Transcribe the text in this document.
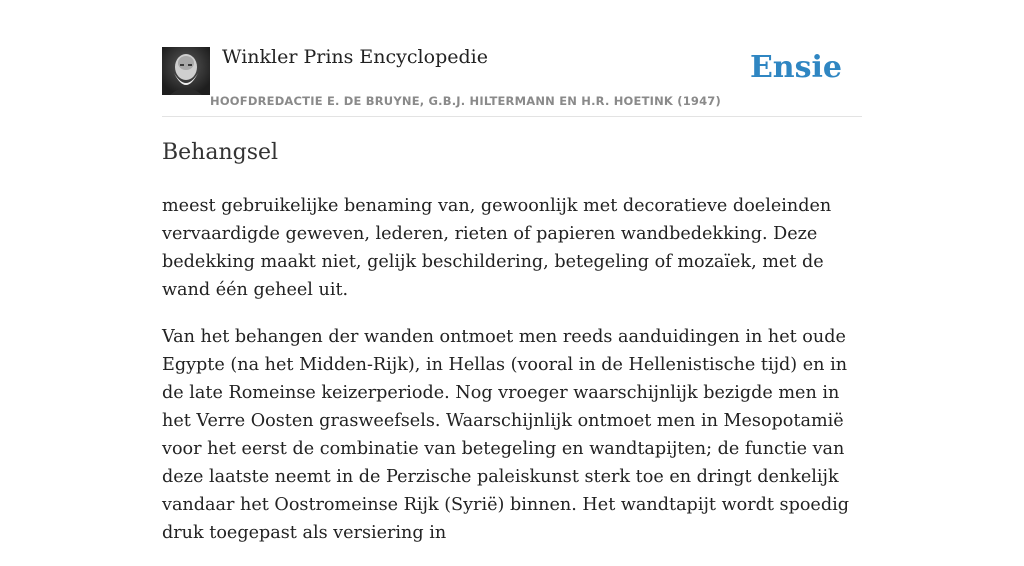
Winkler Prins Encyclopedie
HOOFDREDACTIE E. DE BRUYNE, G.B.J. HILTERMANN EN H.R. HOETINK (1947)
Ensie
Behangsel

meest gebruikelijke benaming van, gewoonlijk met decoratieve doeleinden vervaardigde geweven, lederen, rieten of papieren wandbedekking. Deze bedekking maakt niet, gelijk beschildering, betegeling of mozaïek, met de wand één geheel uit.

Van het behangen der wanden ontmoet men reeds aanduidingen in het oude Egypte (na het Midden-Rijk), in Hellas (vooral in de Hellenistische tijd) en in de late Romeinse keizerperiode. Nog vroeger waarschijnlijk bezigde men in het Verre Oosten grasweefsels. Waarschijnlijk ontmoet men in Mesopotamië voor het eerst de combinatie van betegeling en wandtapijten; de functie van deze laatste neemt in de Perzische paleiskunst sterk toe en dringt denkelijk vandaar het Oostromeinse Rijk (Syrië) binnen. Het wandtapijt wordt spoedig druk toegepast als versiering in
